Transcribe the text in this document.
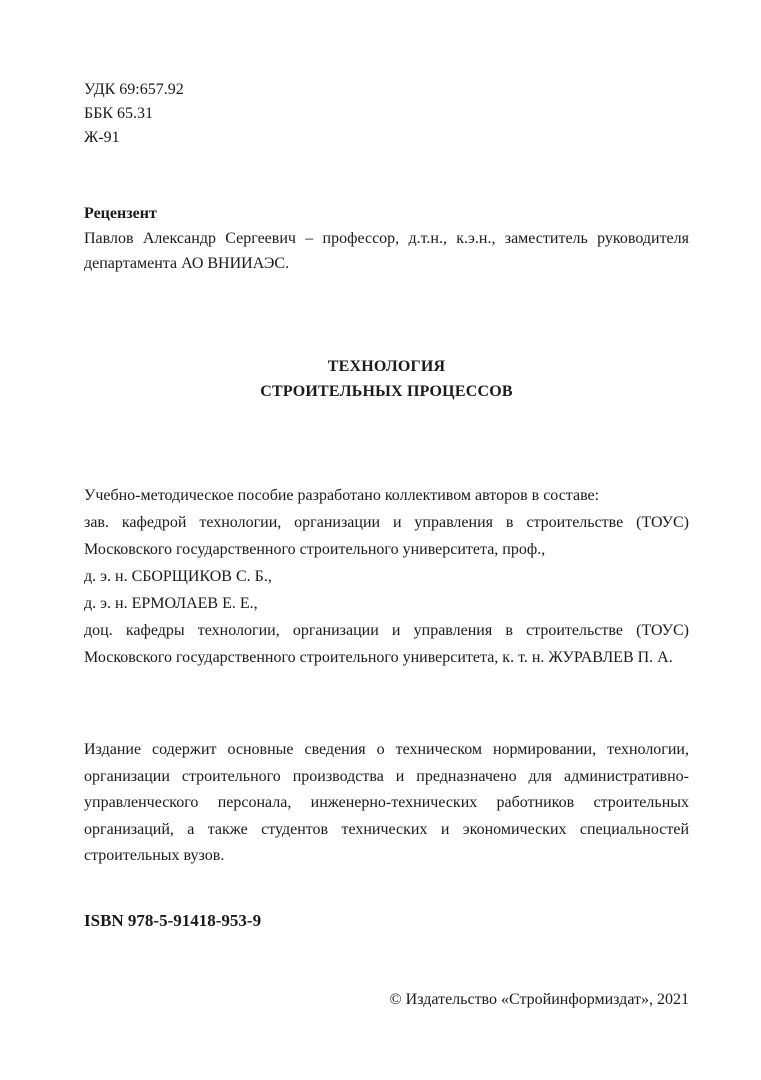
УДК 69:657.92
ББК 65.31
Ж-91
Рецензент
Павлов Александр Сергеевич – профессор, д.т.н., к.э.н., заместитель руководителя
департамента АО ВНИИАЭС.
ТЕХНОЛОГИЯ
СТРОИТЕЛЬНЫХ ПРОЦЕССОВ
Учебно-методическое пособие разработано коллективом авторов в составе:
зав. кафедрой технологии, организации и управления в строительстве (ТОУС)
Московского государственного строительного университета, проф.,
д. э. н. СБОРЩИКОВ С. Б.,
д. э. н. ЕРМОЛАЕВ Е. Е.,
доц. кафедры технологии, организации и управления в строительстве (ТОУС)
Московского государственного строительного университета, к. т. н. ЖУРАВЛЕВ П. А.
Издание содержит основные сведения о техническом нормировании, технологии,
организации строительного производства и предназначено для административно-
управленческого персонала, инженерно-технических работников строительных
организаций, а также студентов технических и экономических специальностей
строительных вузов.
ISBN 978-5-91418-953-9
© Издательство «Стройинформиздат», 2021
